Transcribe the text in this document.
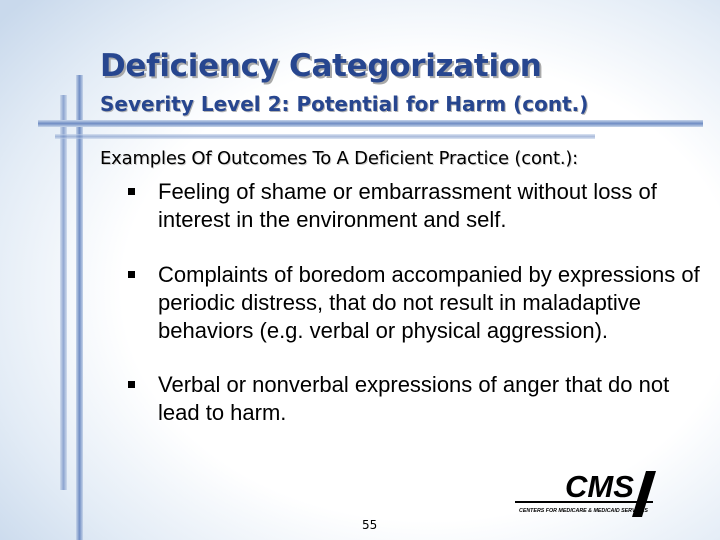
Deficiency Categorization
Severity Level 2: Potential for Harm (cont.)

Examples Of Outcomes To A Deficient Practice (cont.):

Feeling of shame or embarrassment without loss of interest in the environment and self.
Complaints of boredom accompanied by expressions of periodic distress, that do not result in maladaptive behaviors (e.g. verbal or physical aggression).
Verbal or nonverbal expressions of anger that do not lead to harm.
CMS
CENTERS FOR MEDICARE & MEDICAID SERVICES
55
